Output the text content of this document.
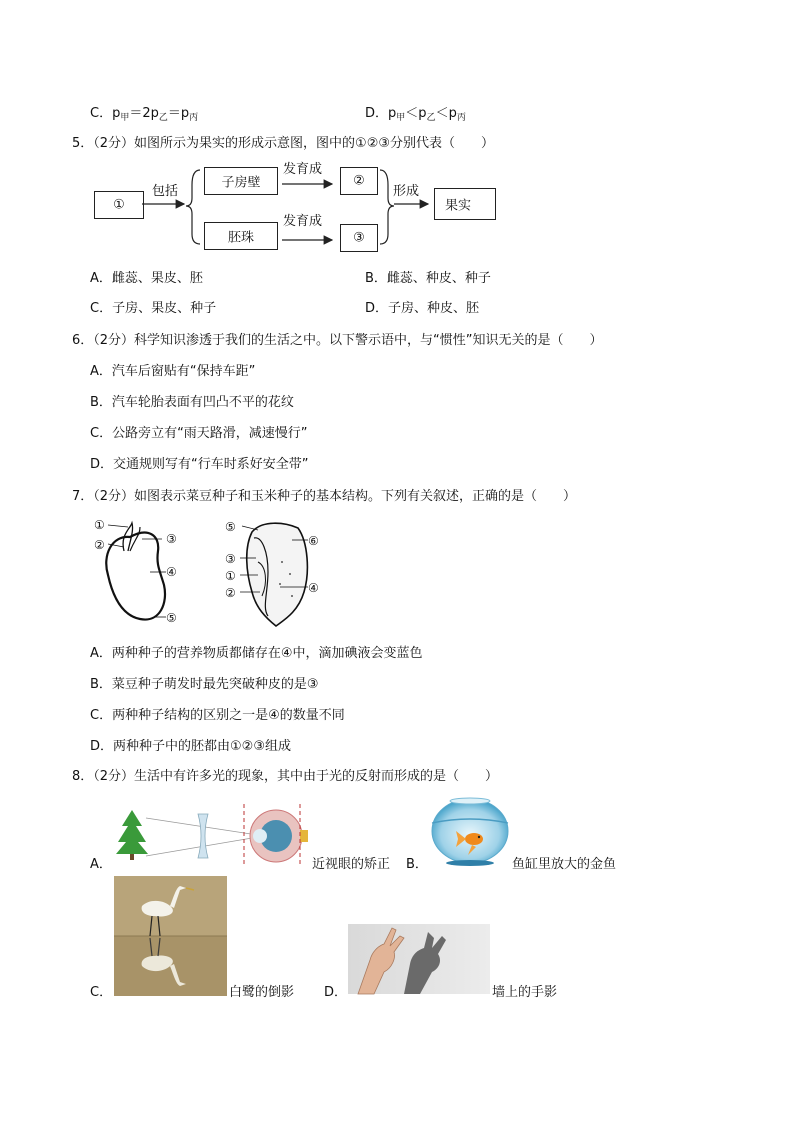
C．$p_甲=2p_乙=p_丙$	D．$p_甲<p_乙<p_丙$
5．（2分）如图所示为果实的形成示意图，图中的①②③分别代表（　　）
①
包括
子房壁
胚珠
发育成
发育成
②
③
形成
果实
A．雌蕊、果皮、胚	B．雌蕊、种皮、种子
C．子房、果皮、种子	D．子房、种皮、胚
6．（2分）科学知识渗透于我们的生活之中。以下警示语中，与“惯性”知识无关的是（　　）
A．汽车后窗贴有“保持车距”
B．汽车轮胎表面有凹凸不平的花纹
C．公路旁立有“雨天路滑，减速慢行”
D．交通规则写有“行车时系好安全带”
7．（2分）如图表示菜豆种子和玉米种子的基本结构。下列有关叙述，正确的是（　　）
①
②	③
④
⑤
⑤
⑥
③
①
②	④
A．两种种子的营养物质都储存在④中，滴加碘液会变蓝色
B．菜豆种子萌发时最先突破种皮的是③
C．两种种子结构的区别之一是④的数量不同
D．两种种子中的胚都由①②③组成
8．（2分）生活中有许多光的现象，其中由于光的反射而形成的是（　　）
A．	近视眼的矫正 B．	鱼缸里放大的金鱼
C．	白鹭的倒影 D．	墙上的手影
